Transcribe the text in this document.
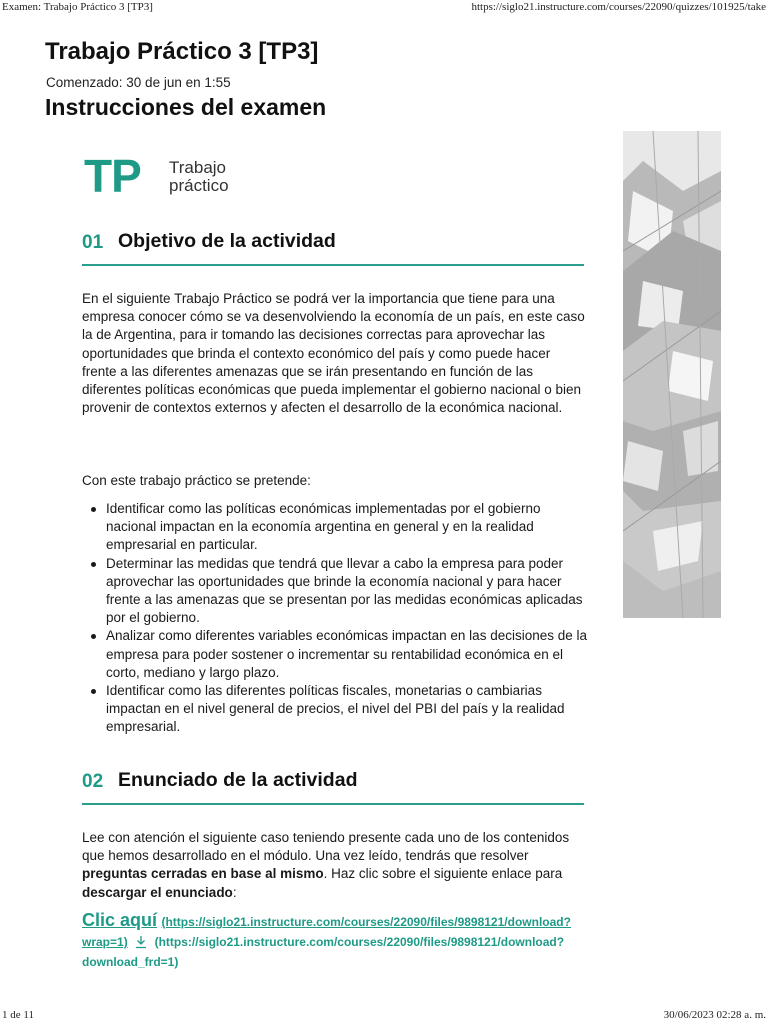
Examen: Trabajo Práctico 3 [TP3]	https://siglo21.instructure.com/courses/22090/quizzes/101925/take
Trabajo Práctico 3 [TP3]
Comenzado: 30 de jun en 1:55
Instrucciones del examen
TP Trabajo
práctico
01 Objetivo de la actividad

En el siguiente Trabajo Práctico se podrá ver la importancia que tiene para una empresa conocer cómo se va desenvolviendo la economía de un país, en este caso la de Argentina, para ir tomando las decisiones correctas para aprovechar las oportunidades que brinda el contexto económico del país y como puede hacer frente a las diferentes amenazas que se irán presentando en función de las diferentes políticas económicas que pueda implementar el gobierno nacional o bien provenir de contextos externos y afecten el desarrollo de la económica nacional.

Con este trabajo práctico se pretende:

Identificar como las políticas económicas implementadas por el gobierno nacional impactan en la economía argentina en general y en la realidad empresarial en particular.
Determinar las medidas que tendrá que llevar a cabo la empresa para poder aprovechar las oportunidades que brinde la economía nacional y para hacer frente a las amenazas que se presentan por las medidas económicas aplicadas por el gobierno.
Analizar como diferentes variables económicas impactan en las decisiones de la empresa para poder sostener o incrementar su rentabilidad económica en el corto, mediano y largo plazo.
Identificar como las diferentes políticas fiscales, monetarias o cambiarias impactan en el nivel general de precios, el nivel del PBI del país y la realidad empresarial.
02 Enunciado de la actividad

Lee con atención el siguiente caso teniendo presente cada uno de los contenidos que hemos desarrollado en el módulo. Una vez leído, tendrás que resolver preguntas cerradas en base al mismo. Haz clic sobre el siguiente enlace para descargar el enunciado:

Clic aquí (https://siglo21.instructure.com/courses/22090/files/9898121/download?wrap=1) (https://siglo21.instructure.com/courses/22090/files/9898121/download?download_frd=1)
1 de 11	30/06/2023 02:28 a. m.
